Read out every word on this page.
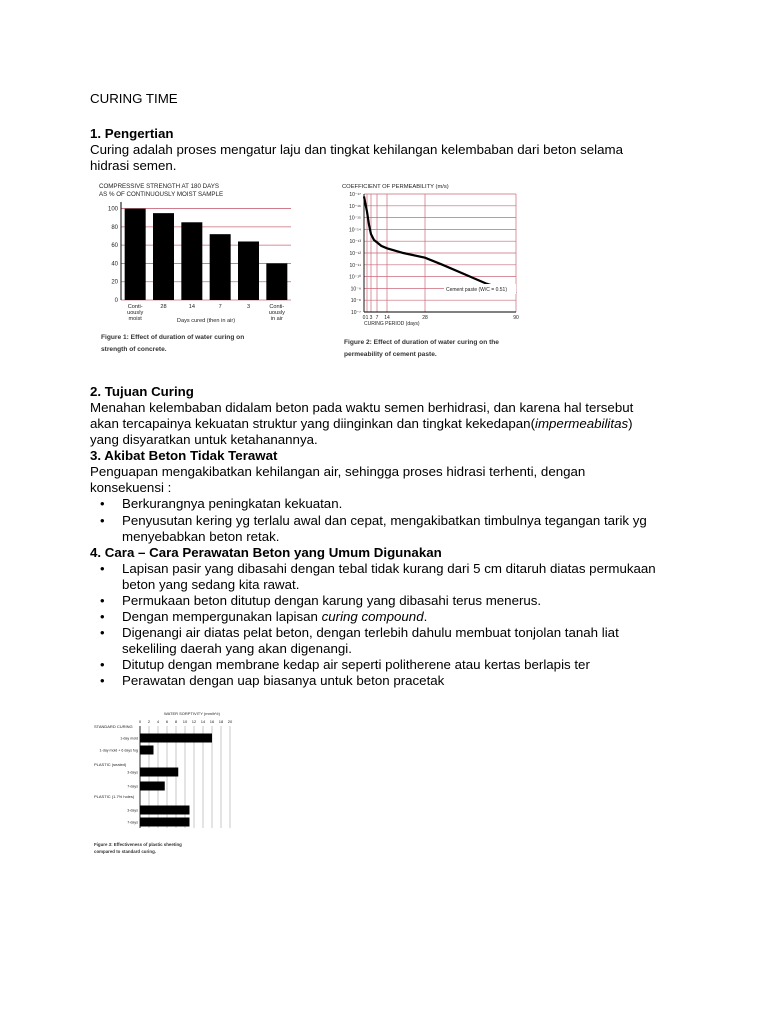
CURING TIME
1. Pengertian
Curing adalah proses mengatur laju dan tingkat kehilangan kelembaban dari beton selama
hidrasi semen.
COMPRESSIVE STRENGTH AT 180 DAYS
AS % OF CONTINUOUSLY MOIST SAMPLE
100
80
60
40
20
0
Conti-
uously
moist
28	14	7	3	Conti-
uously
in air
Days cured (then in air)
Figure 1: Effect of duration of water curing on
strength of concrete.
COEFFICIENT OF PERMEABILITY (m/s)
10⁻⁷
10⁻⁸
10⁻⁹
10⁻¹⁰
10⁻¹¹
10⁻¹²
10⁻¹³
10⁻¹⁴
10⁻¹⁵
10⁻¹⁶
10⁻¹⁷
0 1 3 7 14	28	90
Cement paste (W/C = 0.51)
CURING PERIOD (days)
Figure 2: Effect of duration of water curing on the
permeability of cement paste.
2. Tujuan Curing
Menahan kelembaban didalam beton pada waktu semen berhidrasi, dan karena hal tersebut
akan tercapainya kekuatan struktur yang diinginkan dan tingkat kekedapan(impermeabilitas)
yang disyaratkan untuk ketahanannya.
3. Akibat Beton Tidak Terawat
Penguapan mengakibatkan kehilangan air, sehingga proses hidrasi terhenti, dengan
konsekuensi :
• Berkurangnya peningkatan kekuatan.
• Penyusutan kering yg terlalu awal dan cepat, mengakibatkan timbulnya tegangan tarik yg
menyebabkan beton retak.
4. Cara – Cara Perawatan Beton yang Umum Digunakan
• Lapisan pasir yang dibasahi dengan tebal tidak kurang dari 5 cm ditaruh diatas permukaan
beton yang sedang kita rawat.
• Permukaan beton ditutup dengan karung yang dibasahi terus menerus.
• Dengan mempergunakan lapisan curing compound.
• Digenangi air diatas pelat beton, dengan terlebih dahulu membuat tonjolan tanah liat
sekeliling daerah yang akan digenangi.
• Ditutup dengan membrane kedap air seperti politherene atau kertas berlapis ter
• Perawatan dengan uap biasanya untuk beton pracetak
WATER SORPTIVITY (mm/h½)
0 2 4 6 8 10 12 14 16 18 20
STANDARD CURING
PLASTIC (sealed)
PLASTIC (1.7% holes)
1-day mold
1-day mold + 6 days fog
3-days
7-days
3-days
7-days
Figure 3: Effectiveness of plastic sheeting
compared to standard curing.
